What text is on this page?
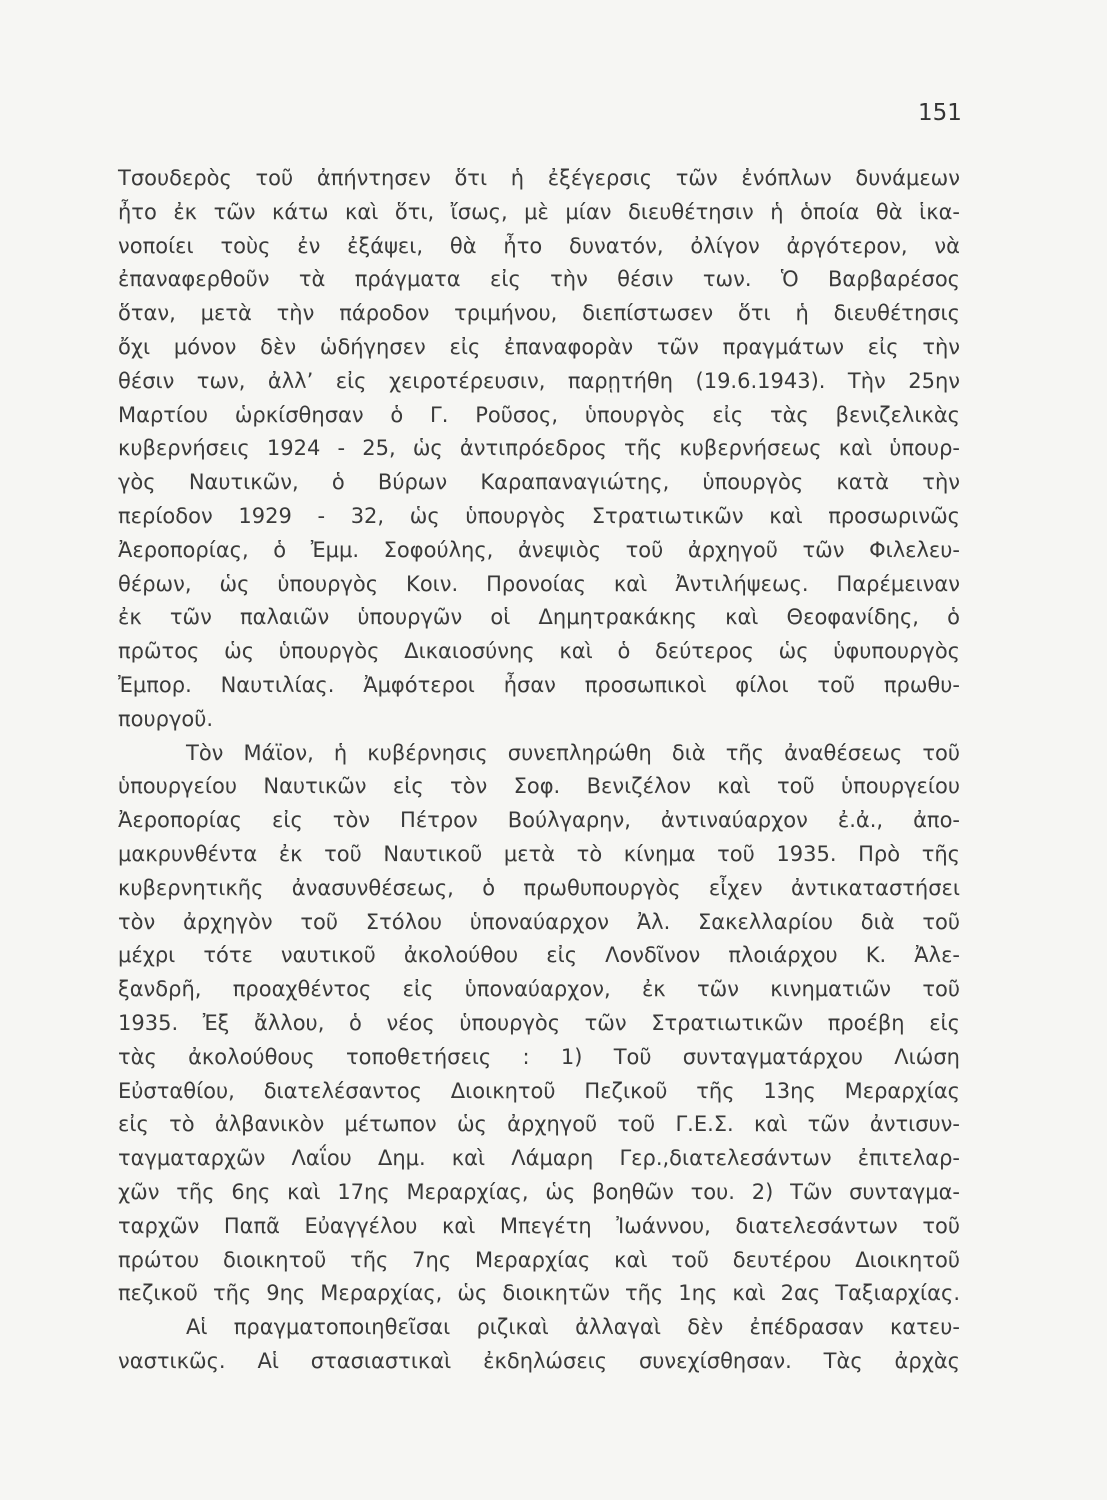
151
Τσουδερὸς τοῦ ἀπήντησεν ὅτι ἡ ἐξέγερσις τῶν ἐνόπλων δυνάμεων
ἦτο ἐκ τῶν κάτω καὶ ὅτι, ἴσως, μὲ μίαν διευθέτησιν ἡ ὁποία θὰ ἱκα-
νοποίει τοὺς ἐν ἐξάψει, θὰ ἦτο δυνατόν, ὀλίγον ἀργότερον, νὰ
ἐπαναφερθοῦν τὰ πράγματα εἰς τὴν θέσιν των. Ὁ Βαρβαρέσος
ὅταν, μετὰ τὴν πάροδον τριμήνου, διεπίστωσεν ὅτι ἡ διευθέτησις
ὄχι μόνον δὲν ὡδήγησεν εἰς ἐπαναφορὰν τῶν πραγμάτων εἰς τὴν
θέσιν των, ἀλλ’ εἰς χειροτέρευσιν, παρῃτήθη (19.6.1943). Τὴν 25ην
Μαρτίου ὡρκίσθησαν ὁ Γ. Ροῦσος, ὑπουργὸς εἰς τὰς βενιζελικὰς
κυβερνήσεις 1924 - 25, ὡς ἀντιπρόεδρος τῆς κυβερνήσεως καὶ ὑπουρ-
γὸς Ναυτικῶν, ὁ Βύρων Καραπαναγιώτης, ὑπουργὸς κατὰ τὴν
περίοδον 1929 - 32, ὡς ὑπουργὸς Στρατιωτικῶν καὶ προσωρινῶς
Ἀεροπορίας, ὁ Ἐμμ. Σοφούλης, ἀνεψιὸς τοῦ ἀρχηγοῦ τῶν Φιλελευ-
θέρων, ὡς ὑπουργὸς Κοιν. Προνοίας καὶ Ἀντιλήψεως. Παρέμειναν
ἐκ τῶν παλαιῶν ὑπουργῶν οἱ Δημητρακάκης καὶ Θεοφανίδης, ὁ
πρῶτος ὡς ὑπουργὸς Δικαιοσύνης καὶ ὁ δεύτερος ὡς ὑφυπουργὸς
Ἐμπορ. Ναυτιλίας. Ἀμφότεροι ἦσαν προσωπικοὶ φίλοι τοῦ πρωθυ-
πουργοῦ.
Τὸν Μάϊον, ἡ κυβέρνησις συνεπληρώθη διὰ τῆς ἀναθέσεως τοῦ
ὑπουργείου Ναυτικῶν εἰς τὸν Σοφ. Βενιζέλον καὶ τοῦ ὑπουργείου
Ἀεροπορίας εἰς τὸν Πέτρον Βούλγαρην, ἀντιναύαρχον ἐ.ἀ., ἀπο-
μακρυνθέντα ἐκ τοῦ Ναυτικοῦ μετὰ τὸ κίνημα τοῦ 1935. Πρὸ τῆς
κυβερνητικῆς ἀνασυνθέσεως, ὁ πρωθυπουργὸς εἶχεν ἀντικαταστήσει
τὸν ἀρχηγὸν τοῦ Στόλου ὑποναύαρχον Ἀλ. Σακελλαρίου διὰ τοῦ
μέχρι τότε ναυτικοῦ ἀκολούθου εἰς Λονδῖνον πλοιάρχου Κ. Ἀλε-
ξανδρῆ, προαχθέντος εἰς ὑποναύαρχον, ἐκ τῶν κινηματιῶν τοῦ
1935. Ἐξ ἄλλου, ὁ νέος ὑπουργὸς τῶν Στρατιωτικῶν προέβη εἰς
τὰς ἀκολούθους τοποθετήσεις : 1) Τοῦ συνταγματάρχου Λιώση
Εὐσταθίου, διατελέσαντος Διοικητοῦ Πεζικοῦ τῆς 13ης Μεραρχίας
εἰς τὸ ἀλβανικὸν μέτωπον ὡς ἀρχηγοῦ τοῦ Γ.Ε.Σ. καὶ τῶν ἀντισυν-
ταγματαρχῶν Λαΐου Δημ. καὶ Λάμαρη Γερ.,διατελεσάντων ἐπιτελαρ-
χῶν τῆς 6ης καὶ 17ης Μεραρχίας, ὡς βοηθῶν του. 2) Τῶν συνταγμα-
ταρχῶν Παπᾶ Εὐαγγέλου καὶ Μπεγέτη Ἰωάννου, διατελεσάντων τοῦ
πρώτου διοικητοῦ τῆς 7ης Μεραρχίας καὶ τοῦ δευτέρου Διοικητοῦ
πεζικοῦ τῆς 9ης Μεραρχίας, ὡς διοικητῶν τῆς 1ης καὶ 2ας Ταξιαρχίας.
Αἱ πραγματοποιηθεῖσαι ριζικαὶ ἀλλαγαὶ δὲν ἐπέδρασαν κατευ-
ναστικῶς. Αἱ στασιαστικαὶ ἐκδηλώσεις συνεχίσθησαν. Τὰς ἀρχὰς
